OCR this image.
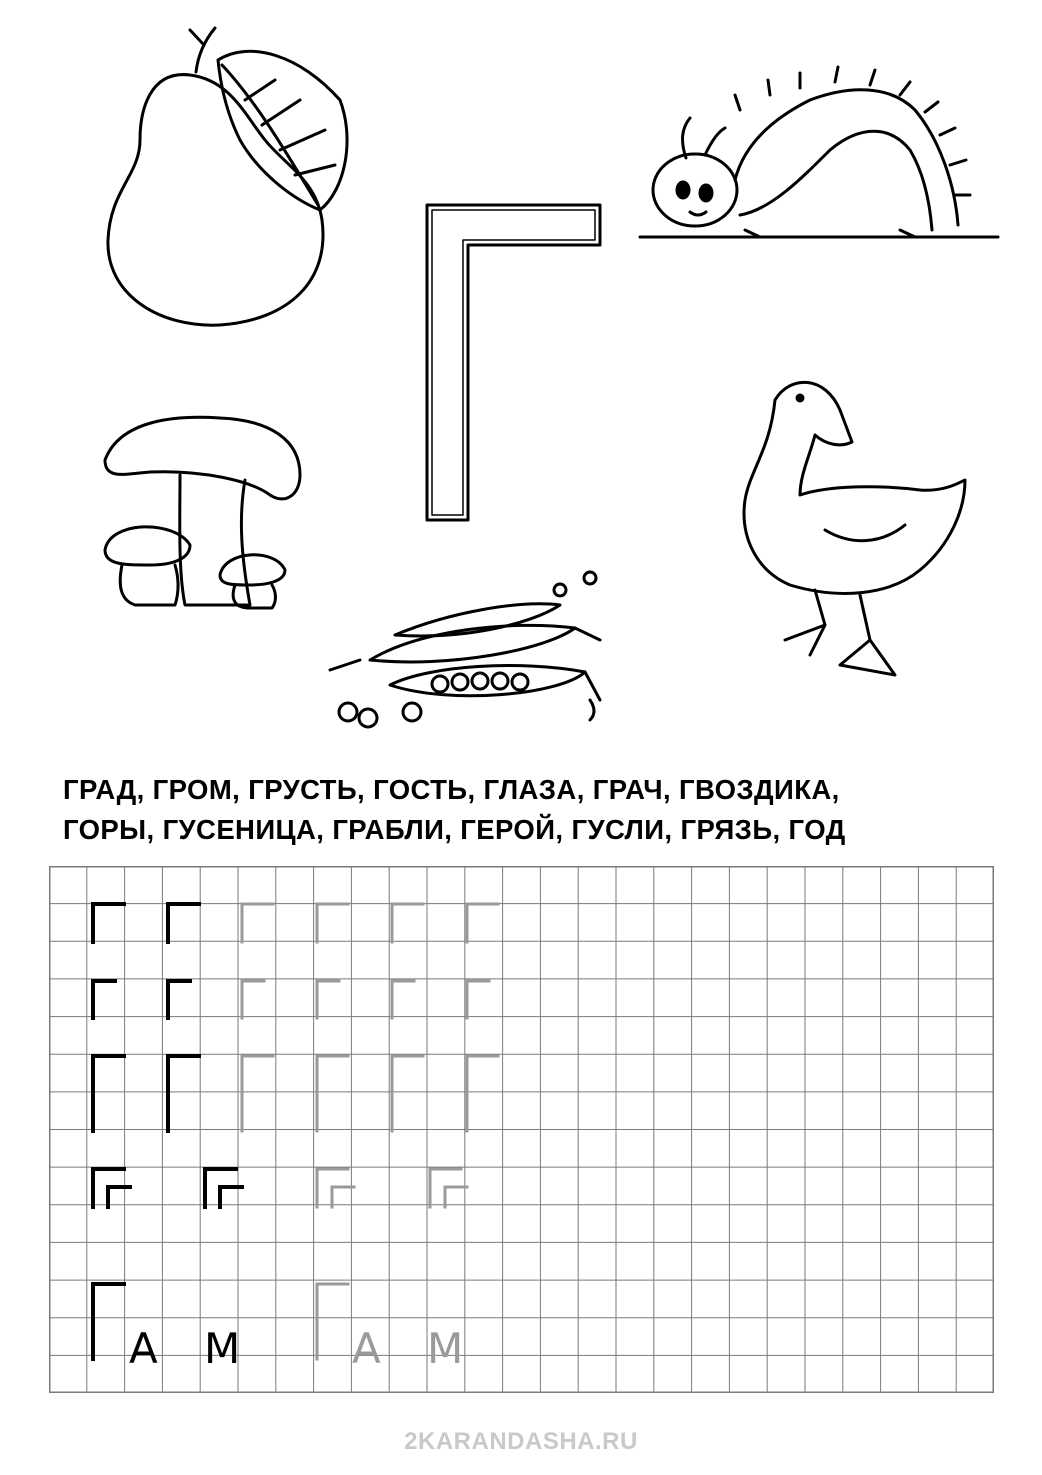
ГРАД, ГРОМ, ГРУСТЬ, ГОСТЬ, ГЛАЗА, ГРАЧ, ГВОЗДИКА,
ГОРЫ, ГУСЕНИЦА, ГРАБЛИ, ГЕРОЙ, ГУСЛИ, ГРЯЗЬ, ГОД
А М	А М
2KARANDASHA.RU
